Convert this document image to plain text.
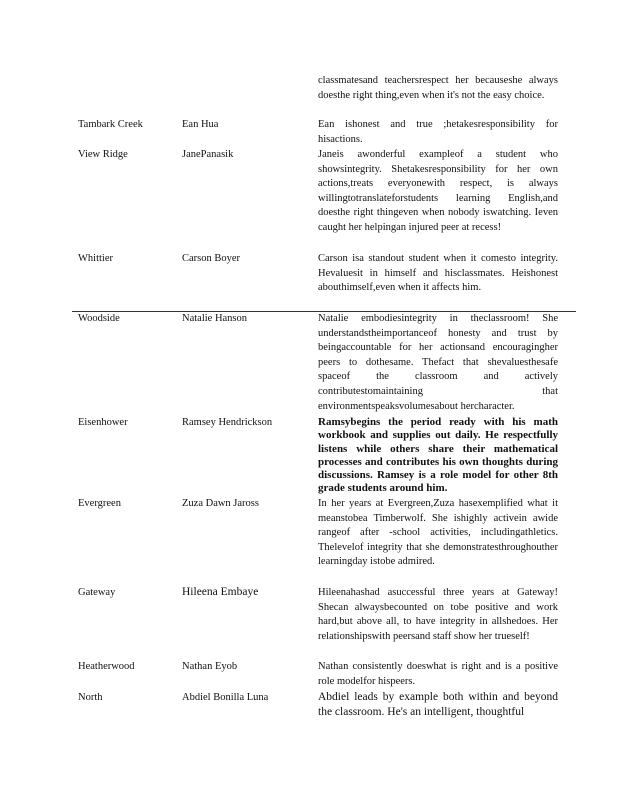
classmatesand teachersrespect her becauseshe always doesthe right thing,even when it's not the easy choice.
Tambark Creek	Ean Hua	Ean ishonest and true ;hetakesresponsibility for hisactions.
View Ridge	JanePanasik	Janeis awonderful exampleof a student who showsintegrity. Shetakesresponsibility for her own actions,treats everyonewith respect, is always willingtotranslateforstudents learning English,and doesthe right thingeven when nobody iswatching. Ieven caught her helpingan injured peer at recess!
Whittier	Carson Boyer	Carson isa standout student when it comesto integrity. Hevaluesit in himself and hisclassmates. Heishonest abouthimself,even when it affects him.
Woodside	Natalie Hanson	Natalie embodiesintegrity in theclassroom! She understandstheimportanceof honesty and trust by beingaccountable for her actionsand encouragingher peers to dothesame. Thefact that shevaluesthesafe spaceof the classroom and actively contributestomaintaining that environmentspeaksvolumesabout hercharacter.
Eisenhower	Ramsey Hendrickson	Ramsybegins the period ready with his math workbook and supplies out daily. He respectfully listens while others share their mathematical processes and contributes his own thoughts during discussions. Ramsey is a role model for other 8th grade students around him.
Evergreen	Zuza Dawn Jaross	In her years at Evergreen,Zuza hasexemplified what it meanstobea Timberwolf. She ishighly activein awide rangeof after -school activities, includingathletics. Thelevelof integrity that she demonstratesthroughouther learningday istobe admired.
Gateway	Hileena Embaye	Hileenahashad asuccessful three years at Gateway! Shecan alwaysbecounted on tobe positive and work hard,but above all, to have integrity in allshedoes. Her relationshipswith peersand staff show her trueself!
Heatherwood	Nathan Eyob	Nathan consistently doeswhat is right and is a positive role modelfor hispeers.
North	Abdiel Bonilla Luna	Abdiel leads by example both within and beyond the classroom. He's an intelligent, thoughtful
